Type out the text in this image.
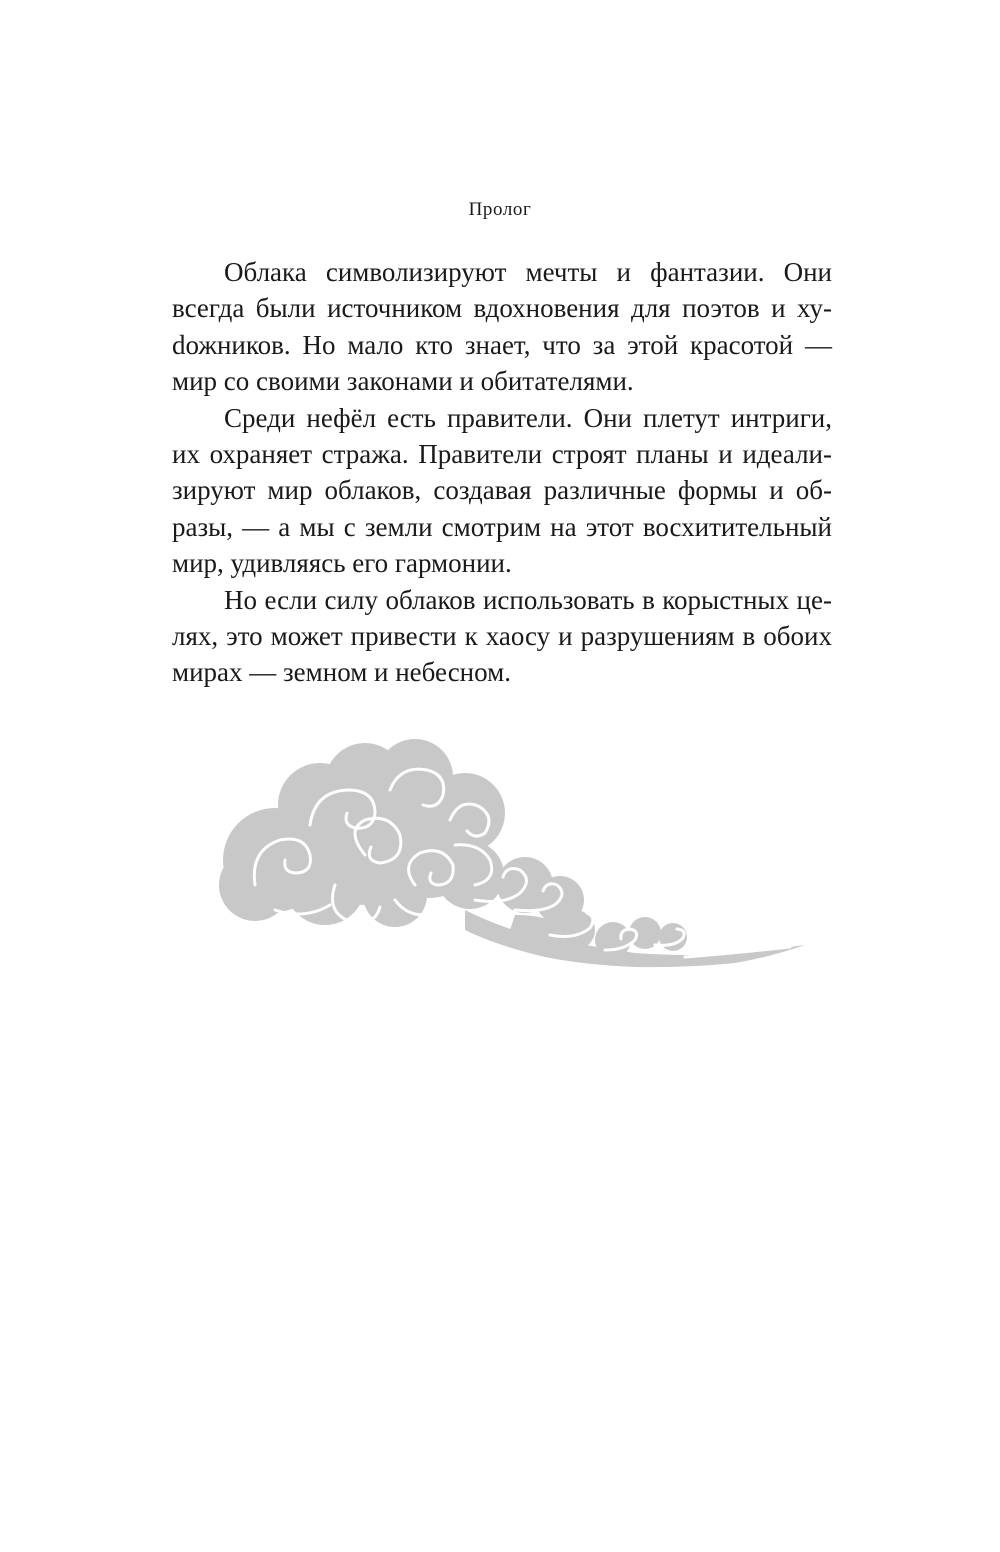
Пролог

Облака символизируют мечты и фантазии. Они всегда были источником вдохновения для поэтов и хуdожников. Но мало кто знает, что за этой красотой — мир со своими законами и обитателями.

Среди нефёл есть правители. Они плетут интриги, их охраняет стража. Правители строят планы и идеализируют мир облаков, создавая различные формы и образы, — а мы с земли смотрим на этот восхитительный мир, удивляясь его гармонии.

Но если силу облаков использовать в корыстных целях, это может привести к хаосу и разрушениям в обоих мирах — земном и небесном.
